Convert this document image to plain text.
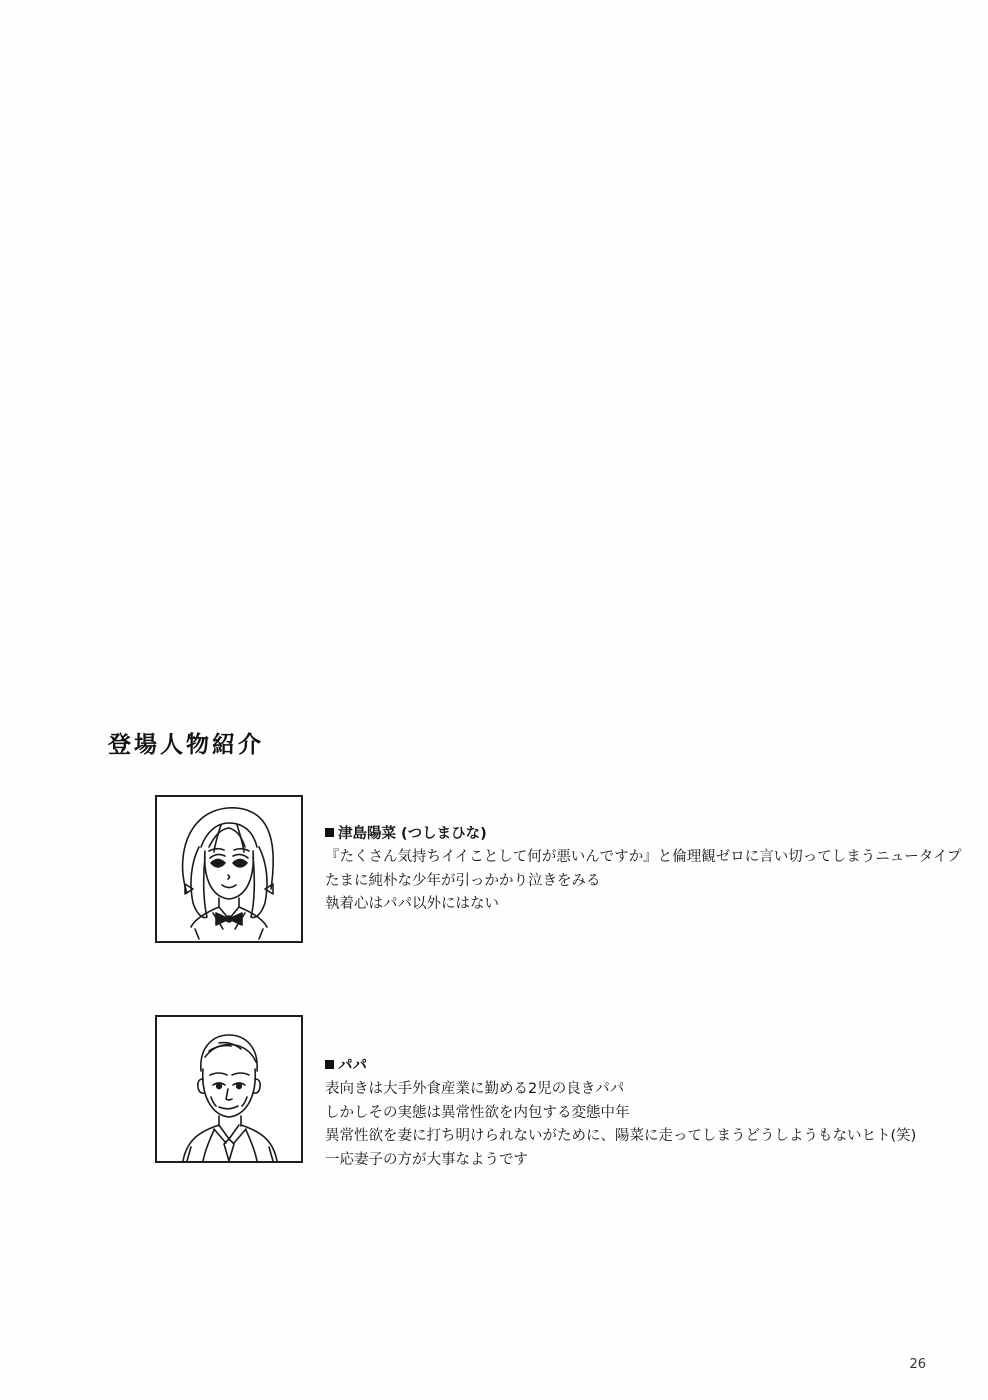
登場人物紹介
津島陽菜 (つしまひな)
『たくさん気持ちイイことして何が悪いんですか』と倫理観ゼロに言い切ってしまうニュータイプ
たまに純朴な少年が引っかかり泣きをみる
執着心はパパ以外にはない
パパ
表向きは大手外食産業に勤める2児の良きパパ
しかしその実態は異常性欲を内包する変態中年
異常性欲を妻に打ち明けられないがために、陽菜に走ってしまうどうしようもないヒト(笑)
一応妻子の方が大事なようです
26
